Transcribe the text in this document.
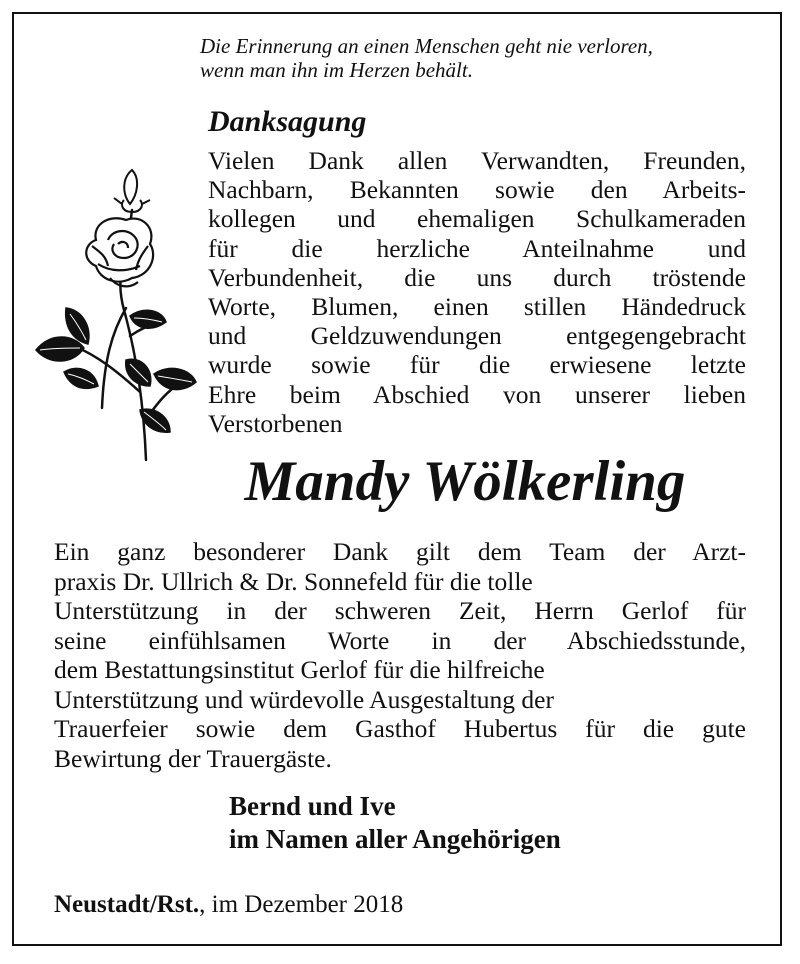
Die Erinnerung an einen Menschen geht nie verloren,
wenn man ihn im Herzen behält.
Danksagung
Vielen Dank allen Verwandten, Freunden,
Nachbarn, Bekannten sowie den Arbeits-
kollegen und ehemaligen Schulkameraden
für die herzliche Anteilnahme und
Verbundenheit, die uns durch tröstende
Worte, Blumen, einen stillen Händedruck
und Geldzuwendungen entgegengebracht
wurde sowie für die erwiesene letzte
Ehre beim Abschied von unserer lieben
Verstorbenen
Mandy Wölkerling
Ein ganz besonderer Dank gilt dem Team der Arzt-
praxis Dr. Ullrich & Dr. Sonnefeld für die tolle
Unterstützung in der schweren Zeit, Herrn Gerlof für
seine einfühlsamen Worte in der Abschiedsstunde,
dem Bestattungsinstitut Gerlof für die hilfreiche
Unterstützung und würdevolle Ausgestaltung der
Trauerfeier sowie dem Gasthof Hubertus für die gute
Bewirtung der Trauergäste.
Bernd und Ive
im Namen aller Angehörigen
Neustadt/Rst., im Dezember 2018
